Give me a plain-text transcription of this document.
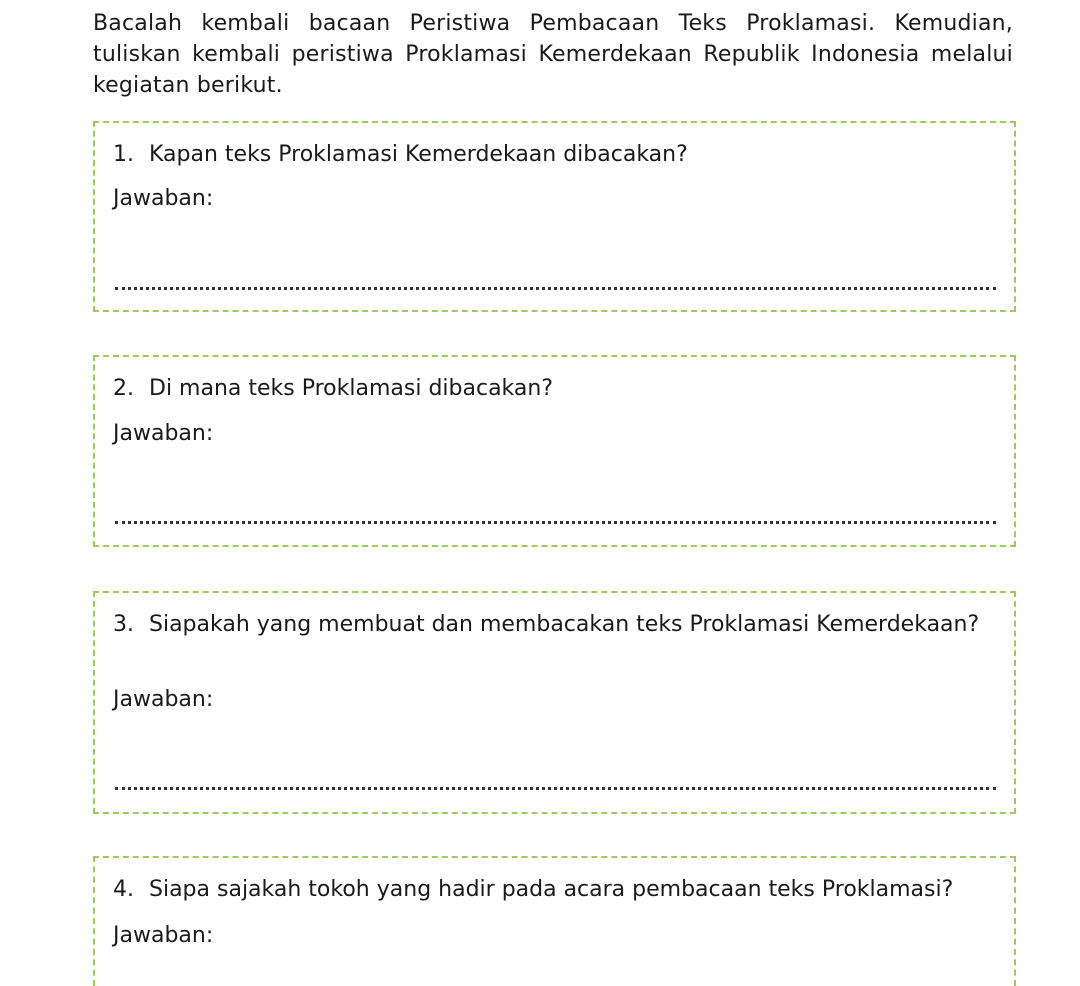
Bacalah kembali bacaan Peristiwa Pembacaan Teks Proklamasi. Kemudian, tuliskan kembali peristiwa Proklamasi Kemerdekaan Republik Indonesia melalui kegiatan berikut.

1. Kapan teks Proklamasi Kemerdekaan dibacakan?

Jawaban:

2. Di mana teks Proklamasi dibacakan?

Jawaban:

3. Siapakah yang membuat dan membacakan teks Proklamasi Kemerdekaan?

Jawaban:

4. Siapa sajakah tokoh yang hadir pada acara pembacaan teks Proklamasi?

Jawaban:
